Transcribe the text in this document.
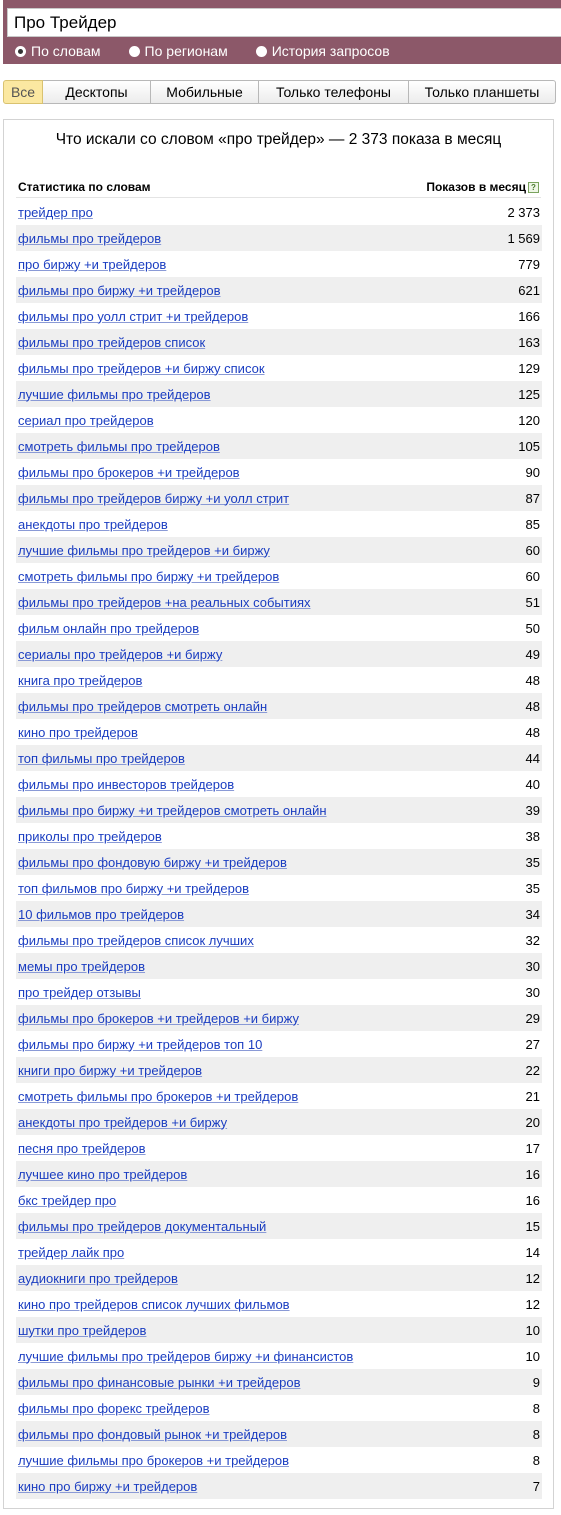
Про Трейдер
По словам	По регионам	История запросов
Все	Десктопы	Мобильные	Только телефоны	Только планшеты
Что искали со словом «про трейдер» — 2 373 показа в месяц
Статистика по словам	Показов в месяц ?
трейдер про	2 373
фильмы про трейдеров	1 569
про биржу +и трейдеров	779
фильмы про биржу +и трейдеров	621
фильмы про уолл стрит +и трейдеров	166
фильмы про трейдеров список	163
фильмы про трейдеров +и биржу список	129
лучшие фильмы про трейдеров	125
сериал про трейдеров	120
смотреть фильмы про трейдеров	105
фильмы про брокеров +и трейдеров	90
фильмы про трейдеров биржу +и уолл стрит	87
анекдоты про трейдеров	85
лучшие фильмы про трейдеров +и биржу	60
смотреть фильмы про биржу +и трейдеров	60
фильмы про трейдеров +на реальных событиях	51
фильм онлайн про трейдеров	50
сериалы про трейдеров +и биржу	49
книга про трейдеров	48
фильмы про трейдеров смотреть онлайн	48
кино про трейдеров	48
топ фильмы про трейдеров	44
фильмы про инвесторов трейдеров	40
фильмы про биржу +и трейдеров смотреть онлайн	39
приколы про трейдеров	38
фильмы про фондовую биржу +и трейдеров	35
топ фильмов про биржу +и трейдеров	35
10 фильмов про трейдеров	34
фильмы про трейдеров список лучших	32
мемы про трейдеров	30
про трейдер отзывы	30
фильмы про брокеров +и трейдеров +и биржу	29
фильмы про биржу +и трейдеров топ 10	27
книги про биржу +и трейдеров	22
смотреть фильмы про брокеров +и трейдеров	21
анекдоты про трейдеров +и биржу	20
песня про трейдеров	17
лучшее кино про трейдеров	16
бкс трейдер про	16
фильмы про трейдеров документальный	15
трейдер лайк про	14
аудиокниги про трейдеров	12
кино про трейдеров список лучших фильмов	12
шутки про трейдеров	10
лучшие фильмы про трейдеров биржу +и финансистов	10
фильмы про финансовые рынки +и трейдеров	9
фильмы про форекс трейдеров	8
фильмы про фондовый рынок +и трейдеров	8
лучшие фильмы про брокеров +и трейдеров	8
кино про биржу +и трейдеров	7
